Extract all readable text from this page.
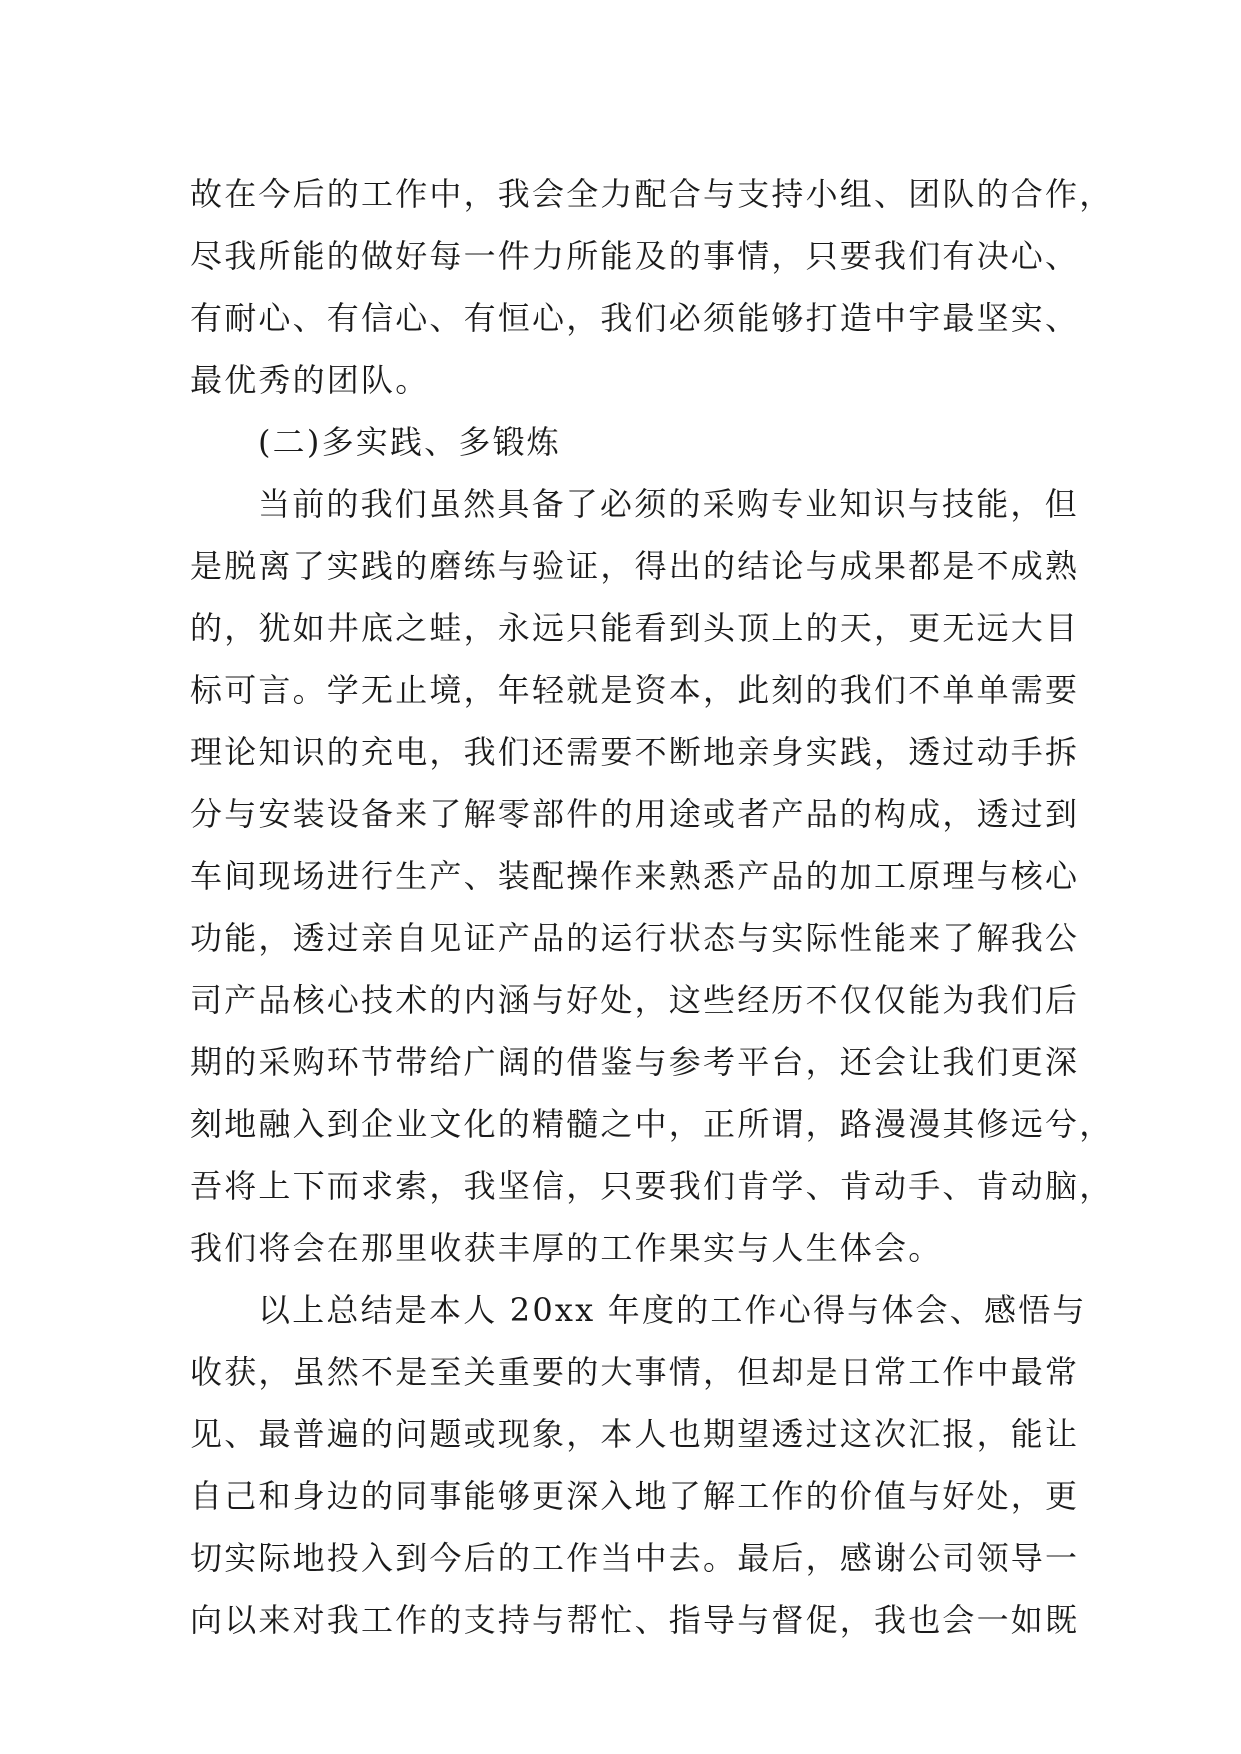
故在今后的工作中，我会全力配合与支持小组、团队的合作，
尽我所能的做好每一件力所能及的事情，只要我们有决心、
有耐心、有信心、有恒心，我们必须能够打造中宇最坚实、
最优秀的团队。
(二)多实践、多锻炼
当前的我们虽然具备了必须的采购专业知识与技能，但
是脱离了实践的磨练与验证，得出的结论与成果都是不成熟
的，犹如井底之蛙，永远只能看到头顶上的天，更无远大目
标可言。学无止境，年轻就是资本，此刻的我们不单单需要
理论知识的充电，我们还需要不断地亲身实践，透过动手拆
分与安装设备来了解零部件的用途或者产品的构成，透过到
车间现场进行生产、装配操作来熟悉产品的加工原理与核心
功能，透过亲自见证产品的运行状态与实际性能来了解我公
司产品核心技术的内涵与好处，这些经历不仅仅能为我们后
期的采购环节带给广阔的借鉴与参考平台，还会让我们更深
刻地融入到企业文化的精髓之中，正所谓，路漫漫其修远兮，
吾将上下而求索，我坚信，只要我们肯学、肯动手、肯动脑，
我们将会在那里收获丰厚的工作果实与人生体会。
以上总结是本人 20xx 年度的工作心得与体会、感悟与
收获，虽然不是至关重要的大事情，但却是日常工作中最常
见、最普遍的问题或现象，本人也期望透过这次汇报，能让
自己和身边的同事能够更深入地了解工作的价值与好处，更
切实际地投入到今后的工作当中去。最后，感谢公司领导一
向以来对我工作的支持与帮忙、指导与督促，我也会一如既
